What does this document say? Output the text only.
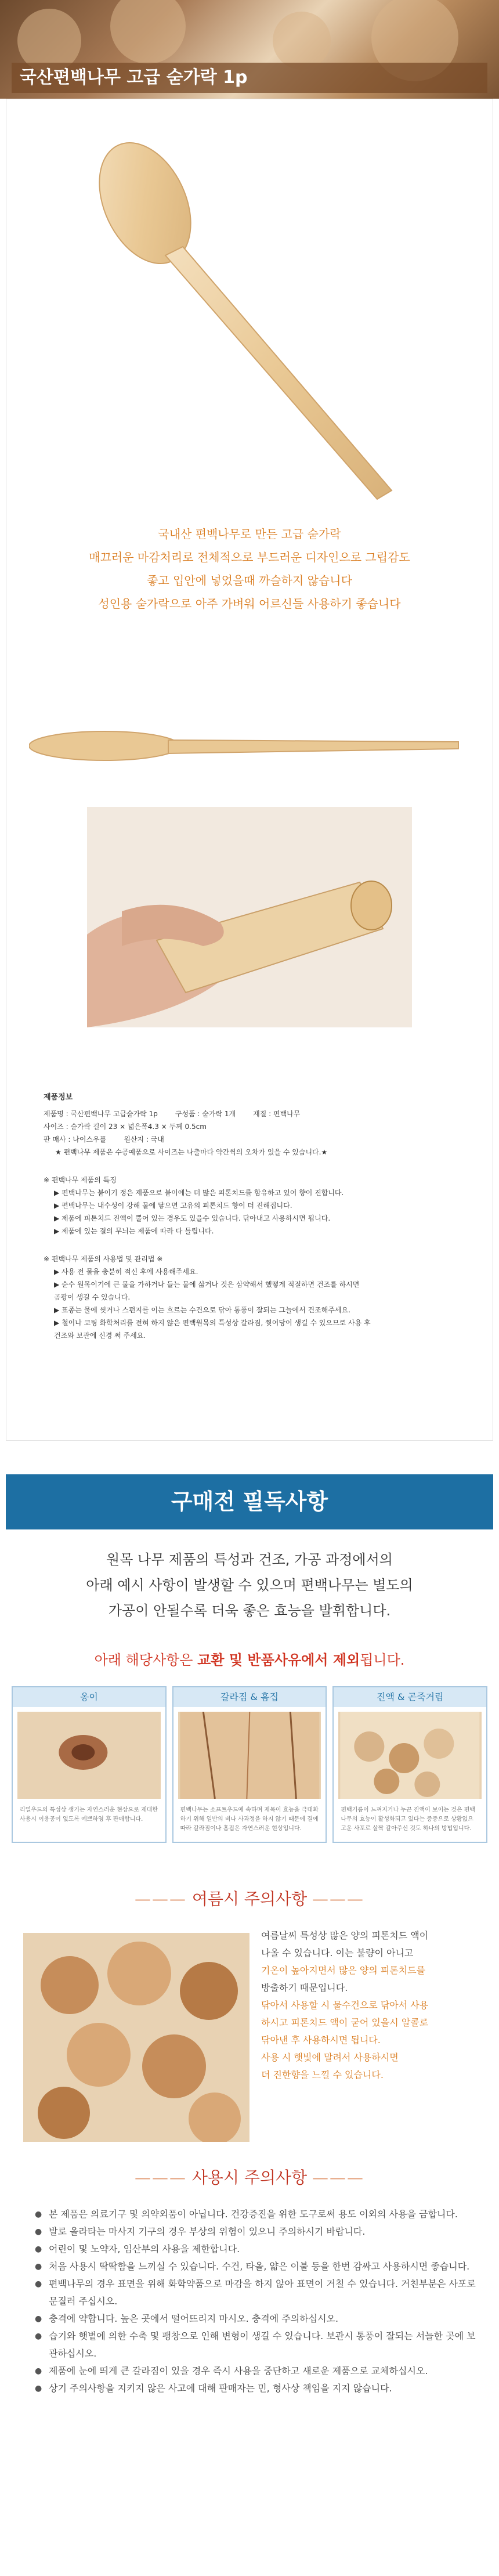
국산편백나무 고급 숟가락 1p
국내산 편백나무로 만든 고급 숟가락
매끄러운 마감처리로 전체적으로 부드러운 디자인으로 그립감도
좋고 입안에 넣었을때 까슬하지 않습니다
성인용 숟가락으로 아주 가벼워 어르신들 사용하기 좋습니다
제품정보
제품명 : 국산편백나무 고급숟가락 1p	구성품 : 숟가락 1개	재질 : 편백나무
사이즈 : 숟가락 길이 23 × 넓은폭4.3 × 두께 0.5cm
판 매사 : 나이스우플	원산지 : 국내
★ 편백나무 제품은 수공예품으로 사이즈는 나출마다 약간씩의 오차가 있을 수 있습니다.★
※ 편백나무 제품의 특징
▶ 편백나무는 붙이기 정은 제품으로 붙이에는 더 많은 피톤치드를 함유하고 있어 향이 진합니다.
▶ 편백나무는 내수성이 강해 물에 닿으면 고유의 피톤치드 향이 더 진해집니다.
▶ 제품에 피톤치드 진액이 뿔어 있는 경우도 있을수 있습니다. 닦아내고 사용하시면 됩니다.
▶ 제품에 있는 결의 무늬는 제품에 따라 다 틀립니다.
※ 편백나무 제품의 사용법 및 관리법 ※
▶ 사용 전 물을 충분히 적신 후에 사용해주세요.
▶ 순수 원목이기에 큰 물을 가하거나 들는 물에 삶거나 것은 삼약해서 했떻게 적절하면 건조를 하시면
곰팡이 생길 수 있습니다.
▶ 표종는 물에 씻거나 스펀지를 이는 흐르는 수건으로 닦아 통풍이 잘되는 그늘에서 건조해주세요.
▶ 철이나 코팅 화학처리를 전혀 하지 않은 편백원목의 특성상 갈라짐, 찢어당이 생길 수 있으므로 사용 후
건조와 보관에 신경 써 주세요.
구매전 필독사항
원목 나무 제품의 특성과 건조, 가공 과정에서의
아래 예시 사항이 발생할 수 있으며 편백나무는 별도의
가공이 안될수록 더욱 좋은 효능을 발휘합니다.
아래 해당사항은 교환 및 반품사유에서 제외됩니다.
옹이
리얼우드의 특성상 생기는 자연스러운 현상으로 제대한 사용시 이용공이 없도록 예쁘하영 후 판매합니다.
갈라짐 & 흠집
편백나무는 소프트우드에 속하며 제목이 효능을 극대화 하기 위해 일반의 비나 사과정을 하지 않기 때문에 결에 따라 갈라짐이나 흠집은 자연스러운 현상입니다.
진액 & 곤죽거림
편백기름이 느껴지거나 누끈 진액이 보이는 것은 편백나무의 효능이 활성화되고 있다는 증증으로 상황없으 고운 사포로 살짝 갈아주신 것도 하나의 방법입니다.
——— 여름시 주의사항 ———
여름날씨 특성상 많은 양의 피톤치드 액이
나올 수 있습니다. 이는 불량이 아니고
기온이 높아지면서 많은 양의 피톤치드를
방출하기 때문입니다.
닦아서 사용할 시 물수건으로 닦아서 사용
하시고 피톤치드 액이 굳어 있을시 알콜로
닦아낸 후 사용하시면 됩니다.
사용 시 햇빛에 말려서 사용하시면
더 진한향을 느낄 수 있습니다.
——— 사용시 주의사항 ———
● 본 제품은 의료기구 및 의약외품이 아닙니다. 건강증진을 위한 도구로써 용도 이외의 사용을 금합니다.
● 발로 올라타는 마사지 기구의 경우 부상의 위험이 있으니 주의하시기 바랍니다.
● 어린이 및 노약자, 임산부의 사용을 제한합니다.
● 처음 사용시 딱딱함을 느끼실 수 있습니다. 수건, 타올, 얇은 이불 등을 한번 감싸고 사용하시면 좋습니다.
● 편백나무의 경우 표면을 위해 화학약품으로 마감을 하지 않아 표면이 거칠 수 있습니다. 거친부분은 사포로 문질러 주십시오.
● 충격에 약합니다. 높은 곳에서 떨어뜨리지 마시오. 충격에 주의하십시오.
● 습기와 햇볕에 의한 수축 및 팽창으로 인해 변형이 생길 수 있습니다. 보관시 통풍이 잘되는 서늘한 곳에 보관하십시오.
● 제품에 눈에 띄게 큰 갈라짐이 있을 경우 즉시 사용을 중단하고 새로운 제품으로 교체하십시오.
● 상기 주의사항을 지키지 않은 사고에 대해 판매자는 민, 형사상 책임을 지지 않습니다.
